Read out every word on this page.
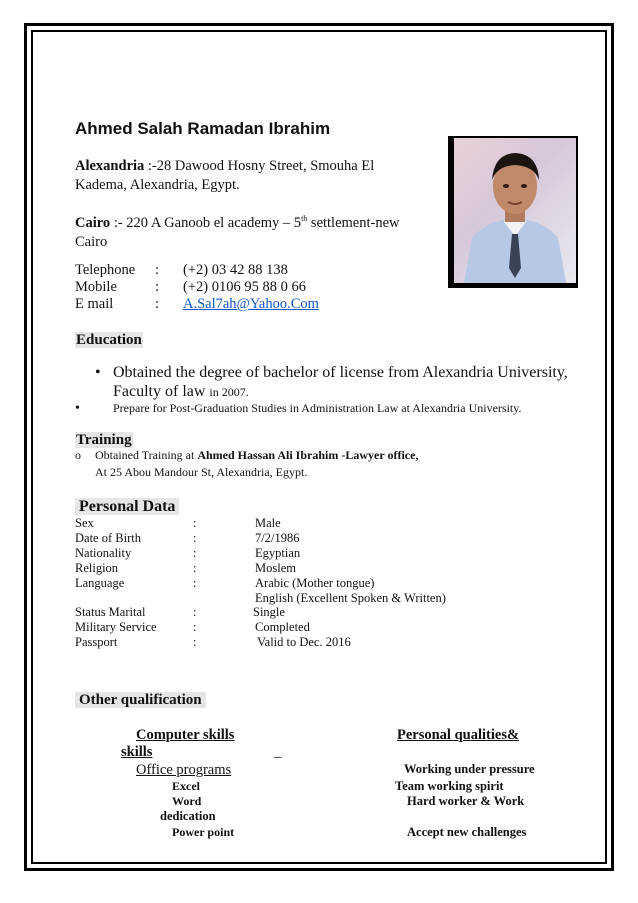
Ahmed Salah Ramadan Ibrahim
Alexandria :-28 Dawood Hosny Street, Smouha El Kadema, Alexandria, Egypt.
Cairo :- 220 A Ganoob el academy – 5th settlement-new Cairo
Telephone : (+2) 03 42 88 138
Mobile	: (+2) 0106 95 88 0 66
E mail	: A.Sal7ah@Yahoo.Com
Education
• Obtained the degree of bachelor of license from Alexandria University,
Faculty of law in 2007.
•	Prepare for Post-Graduation Studies in Administration Law at Alexandria University.
Training
o Obtained Training at Ahmed Hassan Ali Ibrahim -Lawyer office,
At 25 Abou Mandour St, Alexandria, Egypt.
Personal Data
Sex	:	Male
Date of Birth	:	7/2/1986
Nationality	:	Egyptian
Religion	:	Moslem
Language	:	Arabic (Mother tongue)
English (Excellent Spoken & Written)
Status Marital	:	Single
Military Service	:	Completed
Passport	:	Valid to Dec. 2016
Other qualification
Computer skills	Personal qualities&
skills	_
Office programs	Working under pressure
Excel	Team working spirit
Word	Hard worker & Work
dedication
Power point	Accept new challenges
